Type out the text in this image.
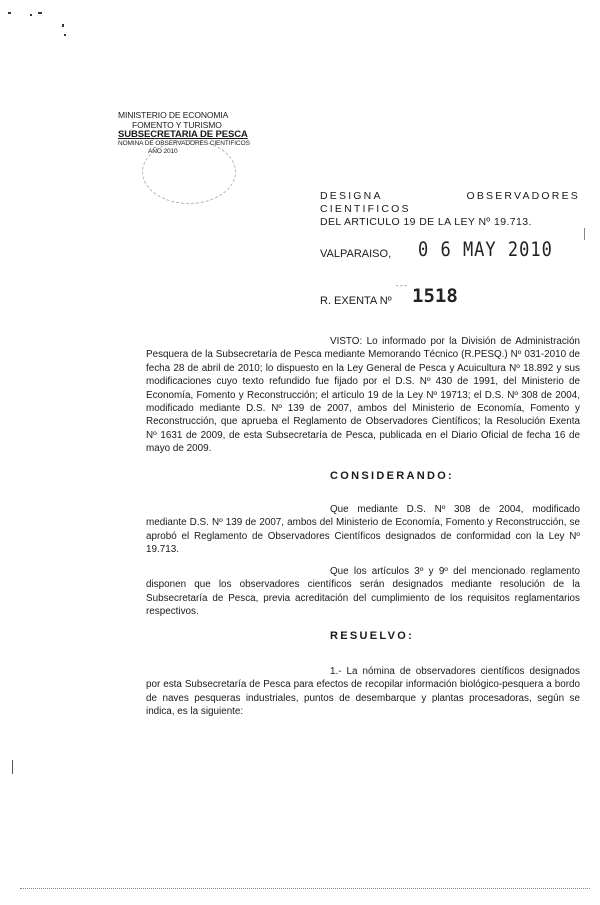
MINISTERIO DE ECONOMIA
FOMENTO Y TURISMO
SUBSECRETARIA DE PESCA
NOMINA DE OBSERVADORES CIENTIFICOS
AÑO 2010
DESIGNA OBSERVADORES CIENTIFICOS
DEL ARTICULO 19 DE LA LEY Nº 19.713.
VALPARAISO, 0 6 MAY 2010
- - -
R. EXENTA Nº 1518
VISTO: Lo informado por la División de Administración Pesquera de la Subsecretaría de Pesca mediante Memorando Técnico (R.PESQ.) Nº 031-2010 de fecha 28 de abril de 2010; lo dispuesto en la Ley General de Pesca y Acuicultura Nº 18.892 y sus modificaciones cuyo texto refundido fue fijado por el D.S. Nº 430 de 1991, del Ministerio de Economía, Fomento y Reconstrucción; el artículo 19 de la Ley Nº 19713; el D.S. Nº 308 de 2004, modificado mediante D.S. Nº 139 de 2007, ambos del Ministerio de Economía, Fomento y Reconstrucción, que aprueba el Reglamento de Observadores Científicos; la Resolución Exenta Nº 1631 de 2009, de esta Subsecretaría de Pesca, publicada en el Diario Oficial de fecha 16 de mayo de 2009.
CONSIDERANDO:
Que mediante D.S. Nº 308 de 2004, modificado mediante D.S. Nº 139 de 2007, ambos del Ministerio de Economía, Fomento y Reconstrucción, se aprobó el Reglamento de Observadores Científicos designados de conformidad con la Ley Nº 19.713.
Que los artículos 3º y 9º del mencionado reglamento disponen que los observadores científicos serán designados mediante resolución de la Subsecretaría de Pesca, previa acreditación del cumplimiento de los requisitos reglamentarios respectivos.
RESUELVO:
1.- La nómina de observadores científicos designados por esta Subsecretaría de Pesca para efectos de recopilar información biológico-pesquera a bordo de naves pesqueras industriales, puntos de desembarque y plantas procesadoras, según se indica, es la siguiente:
